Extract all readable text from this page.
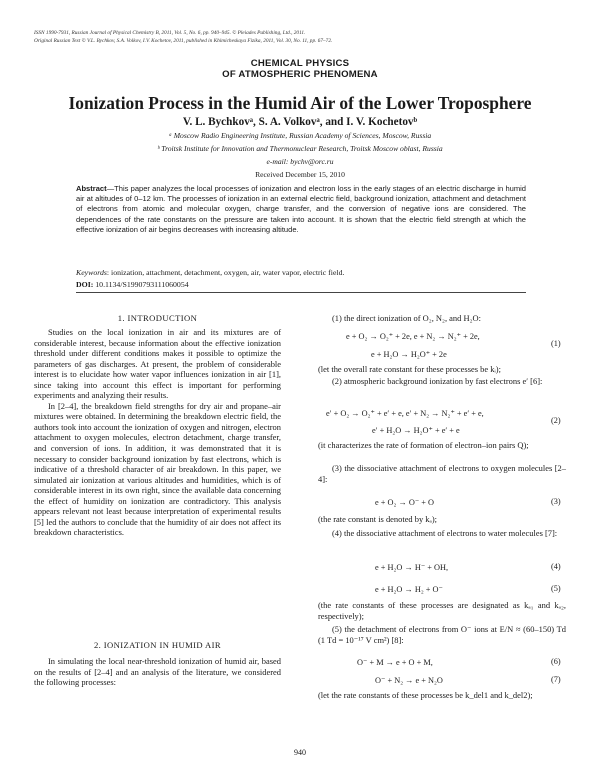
ISSN 1990-7931, Russian Journal of Physical Chemistry B, 2011, Vol. 5, No. 6, pp. 940–945. © Pleiades Publishing, Ltd., 2011.
Original Russian Text © V.L. Bychkov, S.A. Volkov, I.V. Kochetov, 2011, published in Khimicheskaya Fizika, 2011, Vol. 30, No. 11, pp. 67–72.
CHEMICAL PHYSICS
OF ATMOSPHERIC PHENOMENA
Ionization Process in the Humid Air of the Lower Troposphere
V. L. Bychkovᵃ, S. A. Volkovᵃ, and I. V. Kochetovᵇ
ᵃ Moscow Radio Engineering Institute, Russian Academy of Sciences, Moscow, Russia
ᵇ Troitsk Institute for Innovation and Thermonuclear Research, Troitsk Moscow oblast, Russia
e-mail: bychv@orc.ru
Received December 15, 2010
Abstract—This paper analyzes the local processes of ionization and electron loss in the early stages of an electric discharge in humid air at altitudes of 0–12 km. The processes of ionization in an external electric field, background ionization, attachment and detachment of electrons from atomic and molecular oxygen, charge transfer, and the conversion of negative ions are considered. The dependences of the rate constants on the pressure are taken into account. It is shown that the electric field strength at which the effective ionization of air begins decreases with increasing altitude.
Keywords: ionization, attachment, detachment, oxygen, air, water vapor, electric field.
DOI: 10.1134/S1990793111060054
1. INTRODUCTION

Studies on the local ionization in air and its mixtures are of considerable interest, because information about the effective ionization threshold under different conditions makes it possible to optimize the parameters of gas discharges. At present, the problem of considerable interest is to elucidate how water vapor influences ionization in air [1], since taking into account this effect is important for performing experiments and analyzing their results.

In [2–4], the breakdown field strengths for dry air and propane–air mixtures were obtained. In determining the breakdown electric field, the authors took into account the ionization of oxygen and nitrogen, electron attachment to oxygen molecules, electron detachment, charge transfer, and conversion of ions. In addition, it was demonstrated that it is necessary to consider background ionization by fast electrons, which is indicative of a threshold character of air breakdown. In this paper, we simulated air ionization at various altitudes and humidities, which is of considerable interest in its own right, since the available data concerning the effect of humidity on ionization are contradictory. This analysis appears relevant not least because interpretation of experimental results [5] led the authors to conclude that the humidity of air does not affect its breakdown characteristics.

2. IONIZATION IN HUMID AIR

In simulating the local near-threshold ionization of humid air, based on the results of [2–4] and an analysis of the literature, we considered the following processes:

(1) the direct ionization of O₂, N₂, and H₂O:
e + O₂ → O₂⁺ + 2e, e + N₂ → N₂⁺ + 2e,
e + H₂O → H₂O⁺ + 2e
(1)
(let the overall rate constant for these processes be kᵢ);
(2) atmospheric background ionization by fast electrons e′ [6]:
e′ + O₂ → O₂⁺ + e′ + e, e′ + N₂ → N₂⁺ + e′ + e,
e′ + H₂O → H₂O⁺ + e′ + e
(2)
(it characterizes the rate of formation of electron–ion pairs Q);
(3) the dissociative attachment of electrons to oxygen molecules [2–4]:
e + O₂ → O⁻ + O	(3)
(the rate constant is denoted by kₐ);
(4) the dissociative attachment of electrons to water molecules [7]:
e + H₂O → H⁻ + OH,	(4)
e + H₂O → H₂ + O⁻	(5)
(the rate constants of these processes are designated as kₐ₁ and kₐ₂, respectively);
(5) the detachment of electrons from O⁻ ions at E/N ≈ (60–150) Td (1 Td = 10⁻¹⁷ V cm²) [8]:
O⁻ + M → e + O + M,	(6)
O⁻ + N₂ → e + N₂O	(7)
(let the rate constants of these processes be k_del1 and k_del2);
940
